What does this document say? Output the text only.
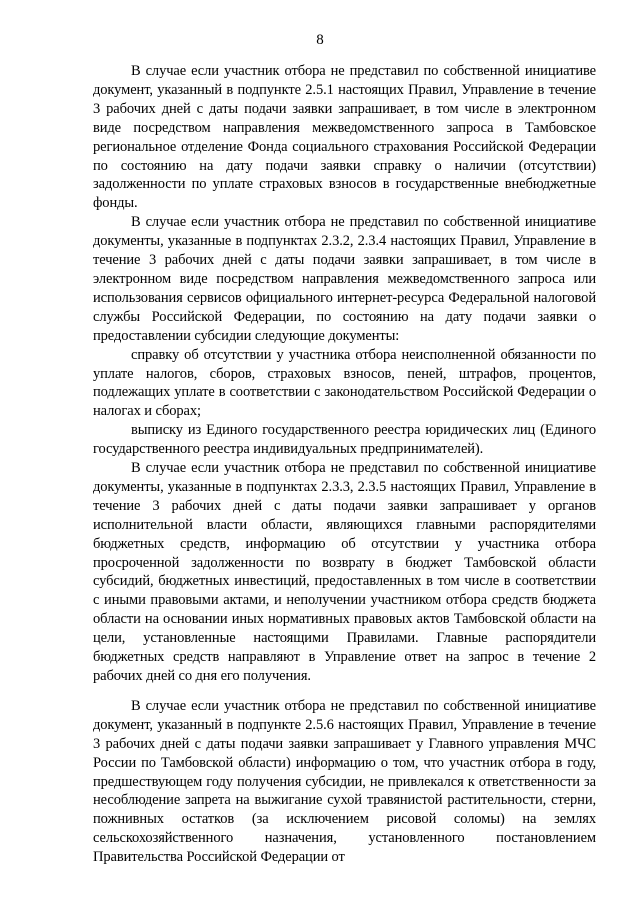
8

В случае если участник отбора не представил по собственной инициативе документ, указанный в подпункте 2.5.1 настоящих Правил, Управление в течение 3 рабочих дней с даты подачи заявки запрашивает, в том числе в электронном виде посредством направления межведомственного запроса в Тамбовское региональное отделение Фонда социального страхования Российской Федерации по состоянию на дату подачи заявки справку о наличии (отсутствии) задолженности по уплате страховых взносов в государственные внебюджетные фонды.

В случае если участник отбора не представил по собственной инициативе документы, указанные в подпунктах 2.3.2, 2.3.4 настоящих Правил, Управление в течение 3 рабочих дней с даты подачи заявки запрашивает, в том числе в электронном виде посредством направления межведомственного запроса или использования сервисов официального интернет-ресурса Федеральной налоговой службы Российской Федерации, по состоянию на дату подачи заявки о предоставлении субсидии следующие документы:

справку об отсутствии у участника отбора неисполненной обязанности по уплате налогов, сборов, страховых взносов, пеней, штрафов, процентов, подлежащих уплате в соответствии с законодательством Российской Федерации о налогах и сборах;

выписку из Единого государственного реестра юридических лиц (Единого государственного реестра индивидуальных предпринимателей).

В случае если участник отбора не представил по собственной инициативе документы, указанные в подпунктах 2.3.3, 2.3.5 настоящих Правил, Управление в течение 3 рабочих дней с даты подачи заявки запрашивает у органов исполнительной власти области, являющихся главными распорядителями бюджетных средств, информацию об отсутствии у участника отбора просроченной задолженности по возврату в бюджет Тамбовской области субсидий, бюджетных инвестиций, предоставленных в том числе в соответствии с иными правовыми актами, и неполучении участником отбора средств бюджета области на основании иных нормативных правовых актов Тамбовской области на цели, установленные настоящими Правилами. Главные распорядители бюджетных средств направляют в Управление ответ на запрос в течение 2 рабочих дней со дня его получения.

В случае если участник отбора не представил по собственной инициативе документ, указанный в подпункте 2.5.6 настоящих Правил, Управление в течение 3 рабочих дней с даты подачи заявки запрашивает у Главного управления МЧС России по Тамбовской области) информацию о том, что участник отбора в году, предшествующем году получения субсидии, не привлекался к ответственности за несоблюдение запрета на выжигание сухой травянистой растительности, стерни, пожнивных остатков (за исключением рисовой соломы) на землях сельскохозяйственного назначения, установленного постановлением Правительства Российской Федерации от
